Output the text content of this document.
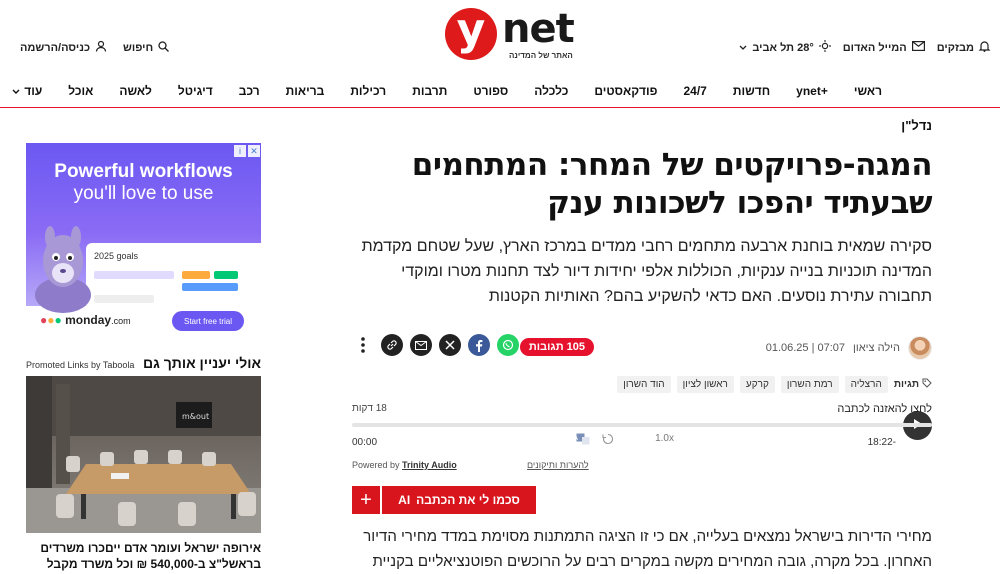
כניסה/הרשמה	חיפוש	y net
האתר של המדינה
מבזקים
המייל האדום
28° תל אביב
ראשי
+ynet
חדשות
24/7
פודקאסטים
כלכלה
ספורט
תרבות
רכילות
בריאות
רכב
דיגיטל
לאשה
אוכל
עוד
נדל"ן
המגה-פרויקטים של המחר: המתחמים שבעתיד יהפכו לשכונות ענק

סקירה שמאית בוחנת ארבעה מתחמים רחבי ממדים במרכז הארץ, שעל שטחם מקדמת המדינה תוכניות בנייה ענקיות, הכוללות אלפי יחידות דיור לצד תחנות מטרו ומוקדי תחבורה עתירת נוסעים. האם כדאי להשקיע בהם? האותיות הקטנות

הילה ציאון
07:07 | 01.06.25
105 תגובות
תגיות
הרצליה
רמת השרון
קרקע
ראשון לציון
הוד השרון
לחצו להאזנה לכתבה
18 דקות
-18:22
00:00	1.0x
A
Powered by Trinity Audio	להערות ותיקונים
+	סכמו לי את הכתבה
AI

מחירי הדירות בישראל נמצאים בעלייה, אם כי זו הציגה התמתנות מסוימת במדד מחירי הדיור האחרון. בכל מקרה, גובה המחירים מקשה במקרים רבים על הרוכשים הפוטנציאליים בקניית

i	✕
Powerful workflows
you'll love to use
2025 goals
●●● monday.com	Start free trial
Promoted Links by Taboola אולי יעניין אותך גם
m&out
אירופה ישראל ועומר אדם ייםכרו משרדים בראשל"צ ב-540,000 ₪ וכל משרד מקבל
